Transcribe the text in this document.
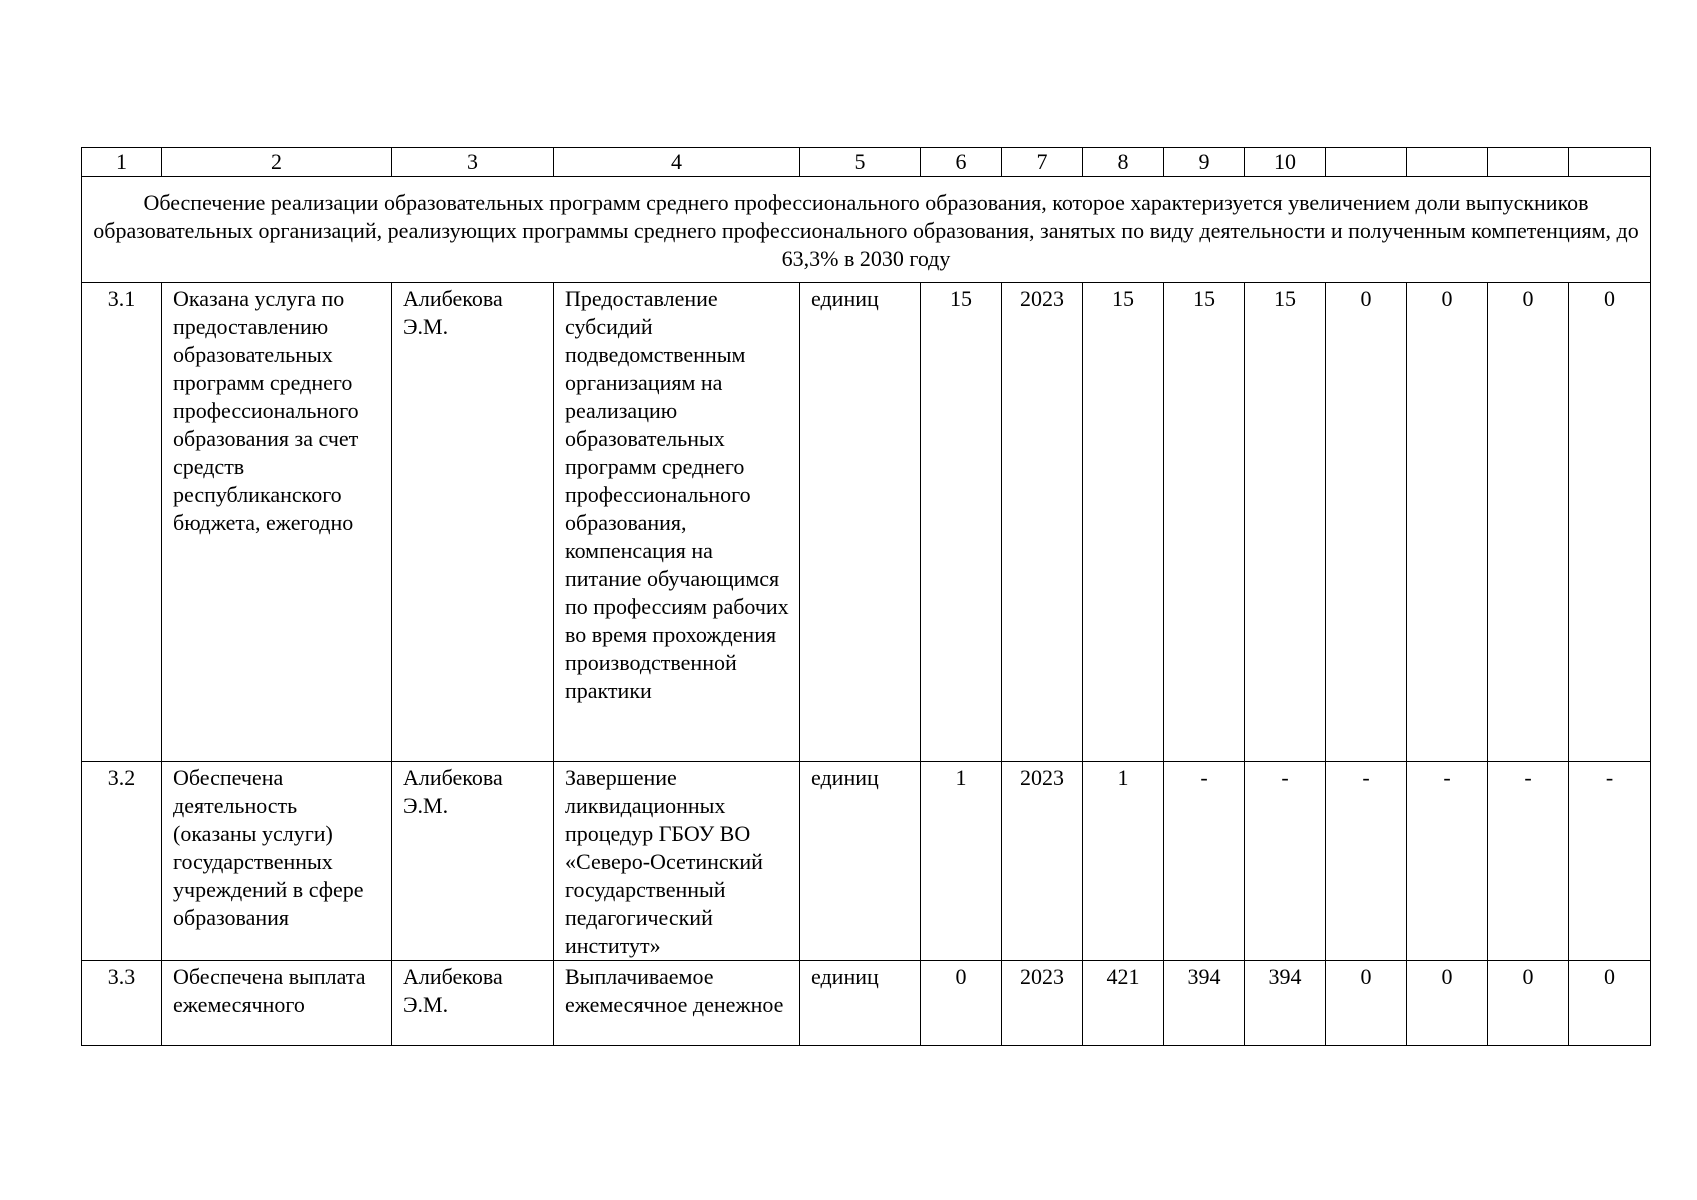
1	2	3	4	5	6	7	8	9	10				
Обеспечение реализации образовательных программ среднего профессионального образования, которое характеризуется увеличением доли выпускников образовательных организаций, реализующих программы среднего профессионального образования, занятых по виду деятельности и полученным компетенциям, до 63,3% в 2030 году													
3.1	Оказана услуга по предоставлению образовательных программ среднего профессионального образования за счет средств республиканского бюджета, ежегодно	Алибекова Э.М.	Предоставление субсидий подведомственным организациям на реализацию образовательных программ среднего профессионального образования, компенсация на питание обучающимся по профессиям рабочих во время прохождения производственной практики	единиц	15	2023	15	15	15	0	0	0	0
3.2	Обеспечена деятельность (оказаны услуги) государственных учреждений в сфере образования	Алибекова Э.М.	Завершение ликвидационных процедур ГБОУ ВО «Северо-Осетинский государственный педагогический институт»	единиц	1	2023	1	-	-	-	-	-	-
3.3	Обеспечена выплата ежемесячного	Алибекова Э.М.	Выплачиваемое ежемесячное денежное	единиц	0	2023	421	394	394	0	0	0	0
